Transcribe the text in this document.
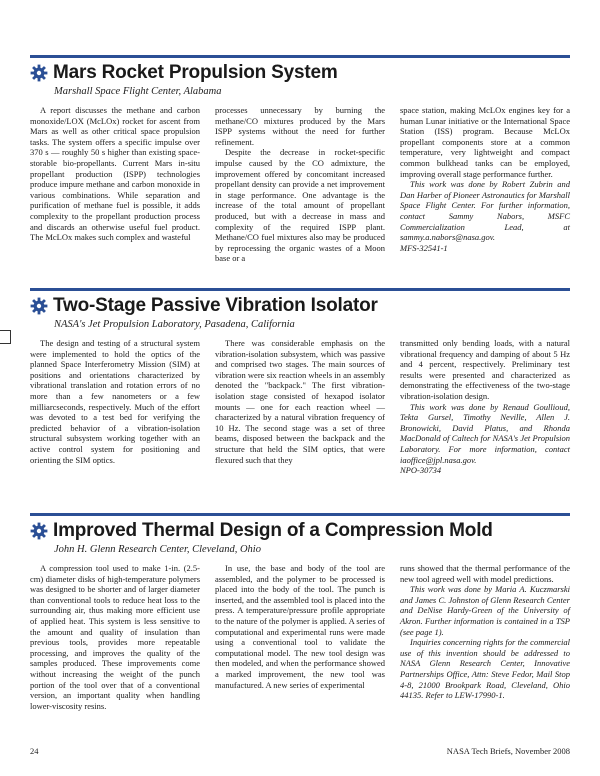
Mars Rocket Propulsion System
Marshall Space Flight Center, Alabama

A report discusses the methane and carbon monoxide/LOX (McLOx) rocket for ascent from Mars as well as other critical space propulsion tasks. The system offers a specific impulse over 370 s — roughly 50 s higher than existing space-storable bio-propellants. Current Mars in-situ propellant production (ISPP) technologies produce impure methane and carbon monoxide in various combinations. While separation and purification of methane fuel is possible, it adds complexity to the propellant production process and discards an otherwise useful fuel product. The McLOx makes such complex and wasteful

processes unnecessary by burning the methane/CO mixtures produced by the Mars ISPP systems without the need for further refinement.

Despite the decrease in rocket-specific impulse caused by the CO admixture, the improvement offered by concomitant increased propellant density can provide a net improvement in stage performance. One advantage is the increase of the total amount of propellant produced, but with a decrease in mass and complexity of the required ISPP plant. Methane/CO fuel mixtures also may be produced by reprocessing the organic wastes of a Moon base or a

space station, making McLOx engines key for a human Lunar initiative or the International Space Station (ISS) program. Because McLOx propellant components store at a common temperature, very lightweight and compact common bulkhead tanks can be employed, improving overall stage performance further.

This work was done by Robert Zubrin and Dan Harber of Pioneer Astronautics for Marshall Space Flight Center. For further information, contact Sammy Nabors, MSFC Commercialization Lead, at sammy.a.nabors@nasa.gov.

MFS-32541-1

Two-Stage Passive Vibration Isolator
NASA's Jet Propulsion Laboratory, Pasadena, California

The design and testing of a structural system were implemented to hold the optics of the planned Space Interferometry Mission (SIM) at positions and orientations characterized by vibrational translation and rotation errors of no more than a few nanometers or a few milliarcseconds, respectively. Much of the effort was devoted to a test bed for verifying the predicted behavior of a vibration-isolation structural subsystem working together with an active control system for positioning and orienting the SIM optics.

There was considerable emphasis on the vibration-isolation subsystem, which was passive and comprised two stages. The main sources of vibration were six reaction wheels in an assembly denoted the "backpack." The first vibration-isolation stage consisted of hexapod isolator mounts — one for each reaction wheel — characterized by a natural vibration frequency of 10 Hz. The second stage was a set of three beams, disposed between the backpack and the structure that held the SIM optics, that were flexured such that they

transmitted only bending loads, with a natural vibrational frequency and damping of about 5 Hz and 4 percent, respectively. Preliminary test results were presented and characterized as demonstrating the effectiveness of the two-stage vibration-isolation design.

This work was done by Renaud Goullioud, Tekta Gursel, Timothy Neville, Allen J. Bronowicki, David Platus, and Rhonda MacDonald of Caltech for NASA's Jet Propulsion Laboratory. For more information, contact iaoffice@jpl.nasa.gov.

NPO-30734

Improved Thermal Design of a Compression Mold
John H. Glenn Research Center, Cleveland, Ohio

A compression tool used to make 1-in. (2.5-cm) diameter disks of high-temperature polymers was designed to be shorter and of larger diameter than conventional tools to reduce heat loss to the surrounding air, thus making more efficient use of applied heat. This system is less sensitive to the amount and quality of insulation than previous tools, provides more repeatable processing, and improves the quality of the samples produced. These improvements come without increasing the weight of the punch portion of the tool over that of a conventional version, an important quality when handling lower-viscosity resins.

In use, the base and body of the tool are assembled, and the polymer to be processed is placed into the body of the tool. The punch is inserted, and the assembled tool is placed into the press. A temperature/pressure profile appropriate to the nature of the polymer is applied. A series of computational and experimental runs were made using a conventional tool to validate the computational model. The new tool design was then modeled, and when the performance showed a marked improvement, the new tool was manufactured. A new series of experimental

runs showed that the thermal performance of the new tool agreed well with model predictions.

This work was done by Maria A. Kuczmarski and James C. Johnston of Glenn Research Center and DeNise Hardy-Green of the University of Akron. Further information is contained in a TSP (see page 1).

Inquiries concerning rights for the commercial use of this invention should be addressed to NASA Glenn Research Center, Innovative Partnerships Office, Attn: Steve Fedor, Mail Stop 4-8, 21000 Brookpark Road, Cleveland, Ohio 44135. Refer to LEW-17990-1.

24	NASA Tech Briefs, November 2008
